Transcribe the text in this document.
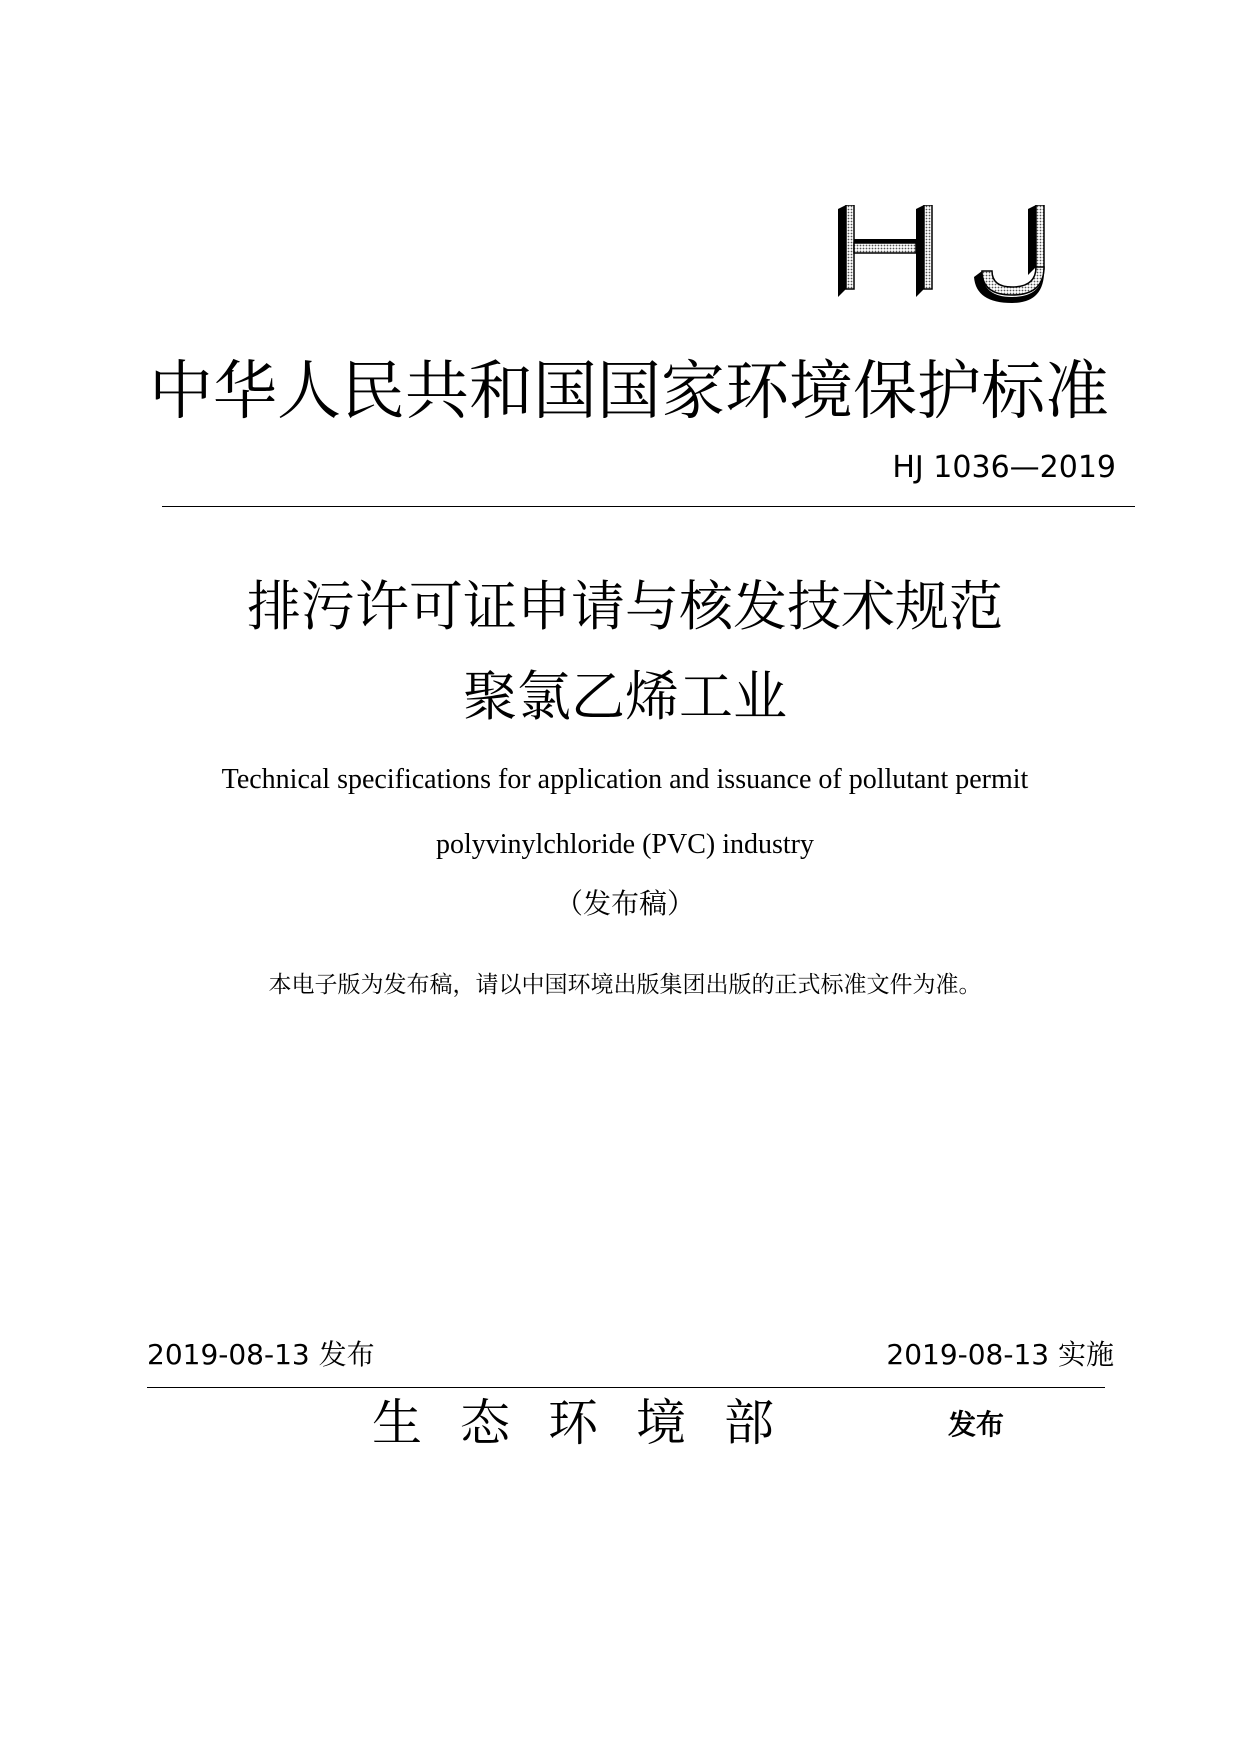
中华人民共和国国家环境保护标准
HJ 1036—2019
排污许可证申请与核发技术规范
聚氯乙烯工业
Technical specifications for application and issuance of pollutant permit
polyvinylchloride (PVC) industry
（发布稿）
本电子版为发布稿，请以中国环境出版集团出版的正式标准文件为准。
2019-08-13 发布	2019-08-13 实施
生态环境部	发布
